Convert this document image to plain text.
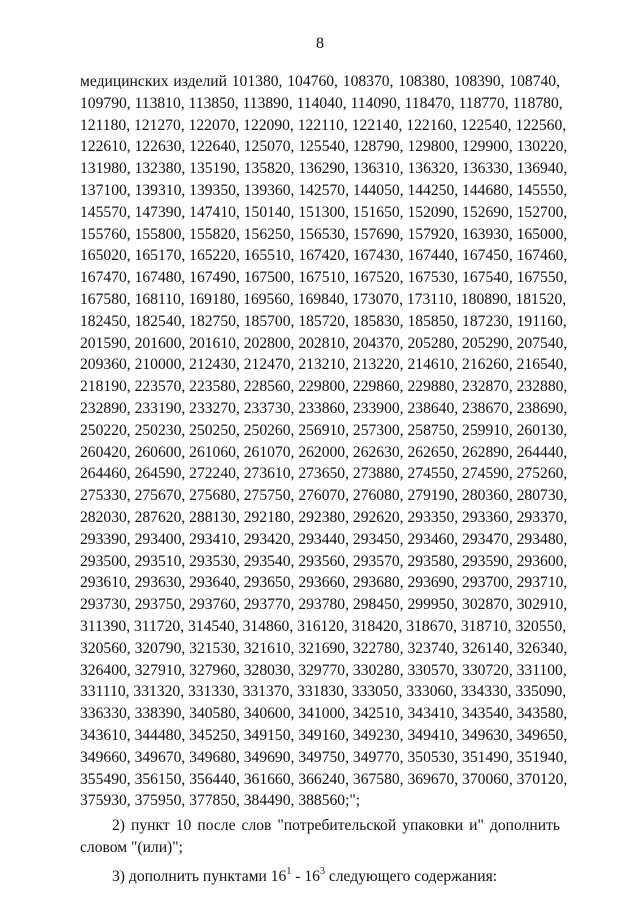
8
медицинских изделий 101380, 104760, 108370, 108380, 108390, 108740,
109790, 113810, 113850, 113890, 114040, 114090, 118470, 118770, 118780,
121180, 121270, 122070, 122090, 122110, 122140, 122160, 122540, 122560,
122610, 122630, 122640, 125070, 125540, 128790, 129800, 129900, 130220,
131980, 132380, 135190, 135820, 136290, 136310, 136320, 136330, 136940,
137100, 139310, 139350, 139360, 142570, 144050, 144250, 144680, 145550,
145570, 147390, 147410, 150140, 151300, 151650, 152090, 152690, 152700,
155760, 155800, 155820, 156250, 156530, 157690, 157920, 163930, 165000,
165020, 165170, 165220, 165510, 167420, 167430, 167440, 167450, 167460,
167470, 167480, 167490, 167500, 167510, 167520, 167530, 167540, 167550,
167580, 168110, 169180, 169560, 169840, 173070, 173110, 180890, 181520,
182450, 182540, 182750, 185700, 185720, 185830, 185850, 187230, 191160,
201590, 201600, 201610, 202800, 202810, 204370, 205280, 205290, 207540,
209360, 210000, 212430, 212470, 213210, 213220, 214610, 216260, 216540,
218190, 223570, 223580, 228560, 229800, 229860, 229880, 232870, 232880,
232890, 233190, 233270, 233730, 233860, 233900, 238640, 238670, 238690,
250220, 250230, 250250, 250260, 256910, 257300, 258750, 259910, 260130,
260420, 260600, 261060, 261070, 262000, 262630, 262650, 262890, 264440,
264460, 264590, 272240, 273610, 273650, 273880, 274550, 274590, 275260,
275330, 275670, 275680, 275750, 276070, 276080, 279190, 280360, 280730,
282030, 287620, 288130, 292180, 292380, 292620, 293350, 293360, 293370,
293390, 293400, 293410, 293420, 293440, 293450, 293460, 293470, 293480,
293500, 293510, 293530, 293540, 293560, 293570, 293580, 293590, 293600,
293610, 293630, 293640, 293650, 293660, 293680, 293690, 293700, 293710,
293730, 293750, 293760, 293770, 293780, 298450, 299950, 302870, 302910,
311390, 311720, 314540, 314860, 316120, 318420, 318670, 318710, 320550,
320560, 320790, 321530, 321610, 321690, 322780, 323740, 326140, 326340,
326400, 327910, 327960, 328030, 329770, 330280, 330570, 330720, 331100,
331110, 331320, 331330, 331370, 331830, 333050, 333060, 334330, 335090,
336330, 338390, 340580, 340600, 341000, 342510, 343410, 343540, 343580,
343610, 344480, 345250, 349150, 349160, 349230, 349410, 349630, 349650,
349660, 349670, 349680, 349690, 349750, 349770, 350530, 351490, 351940,
355490, 356150, 356440, 361660, 366240, 367580, 369670, 370060, 370120,
375930, 375950, 377850, 384490, 388560;";
2) пункт 10 после слов "потребительской упаковки и" дополнить
словом "(или)";
3) дополнить пунктами $16^1 - 16^3$ следующего содержания:
